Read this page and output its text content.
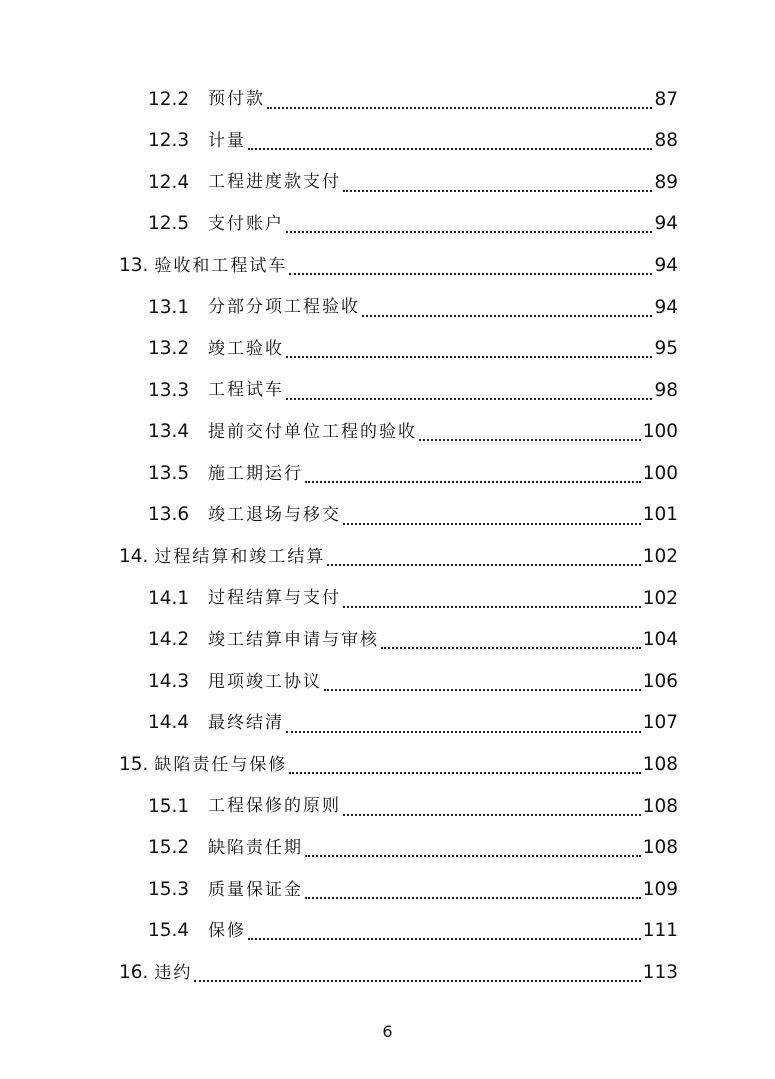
12.2	预付款	87
12.3	计量	88
12.4	工程进度款支付	89
12.5	支付账户	94
13. 验收和工程试车	94
13.1	分部分项工程验收	94
13.2	竣工验收	95
13.3	工程试车	98
13.4	提前交付单位工程的验收	100
13.5	施工期运行	100
13.6	竣工退场与移交	101
14. 过程结算和竣工结算	102
14.1	过程结算与支付	102
14.2	竣工结算申请与审核	104
14.3	甩项竣工协议	106
14.4	最终结清	107
15. 缺陷责任与保修	108
15.1	工程保修的原则	108
15.2	缺陷责任期	108
15.3	质量保证金	109
15.4	保修	111
16. 违约	113
6
